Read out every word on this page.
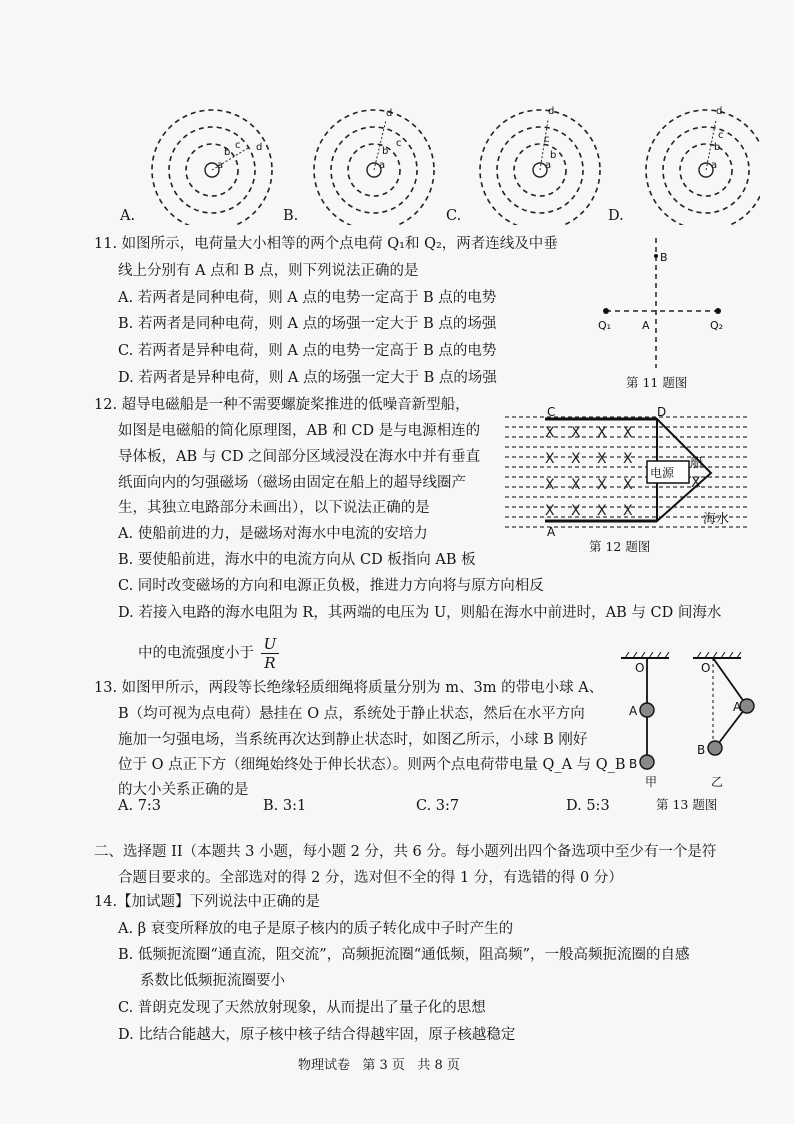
a
b
c d
a
b
c
d
a
b
c
d
a
b
c
d
A.	B.	C.	D.
11. 如图所示，电荷量大小相等的两个点电荷 Q₁和 Q₂，两者连线及中垂
线上分别有 A 点和 B 点，则下列说法正确的是
A. 若两者是同种电荷，则 A 点的电势一定高于 B 点的电势
B. 若两者是同种电荷，则 A 点的场强一定大于 B 点的场强
C. 若两者是异种电荷，则 A 点的电势一定高于 B 点的电势
D. 若两者是异种电荷，则 A 点的场强一定大于 B 点的场强
B
A
Q₁	Q₂
第 11 题图
12. 超导电磁船是一种不需要螺旋桨推进的低噪音新型船，
如图是电磁船的简化原理图，AB 和 CD 是与电源相连的
导体板，AB 与 CD 之间部分区域浸没在海水中并有垂直
纸面向内的匀强磁场（磁场由固定在船上的超导线圈产
生，其独立电路部分未画出），以下说法正确的是
A. 使船前进的力，是磁场对海水中电流的安培力
B. 要使船前进，海水中的电流方向从 CD 板指向 AB 板
C. 同时改变磁场的方向和电源正负极，推进力方向将与原方向相反
D. 若接入电路的海水电阻为 R，其两端的电压为 U，则船在海水中前进时，AB 与 CD 间海水
中的电流强度小于 $\frac{U}{R}$
X X X X
X X X X
X X X X
X X X X
X
C	D
A
电源
船
海水
第 12 题图
13. 如图甲所示，两段等长绝缘轻质细绳将质量分别为 m、3m 的带电小球 A、
B（均可视为点电荷）悬挂在 O 点，系统处于静止状态，然后在水平方向
施加一匀强电场，当系统再次达到静止状态时，如图乙所示，小球 B 刚好
位于 O 点正下方（细绳始终处于伸长状态）。则两个点电荷带电量 Q_A 与 Q_B
的大小关系正确的是
A. 7:3	B. 3:1	C. 3:7	D. 5:3
O	O
A
B
A
B
甲	乙
第 13 题图
二、选择题 II（本题共 3 小题，每小题 2 分，共 6 分。每小题列出四个备选项中至少有一个是符
合题目要求的。全部选对的得 2 分，选对但不全的得 1 分，有选错的得 0 分）
14.【加试题】下列说法中正确的是
A. β 衰变所释放的电子是原子核内的质子转化成中子时产生的
B. 低频扼流圈“通直流，阻交流”，高频扼流圈“通低频，阻高频”，一般高频扼流圈的自感
系数比低频扼流圈要小
C. 普朗克发现了天然放射现象，从而提出了量子化的思想
D. 比结合能越大，原子核中核子结合得越牢固，原子核越稳定
物理试卷   第 3 页   共 8 页
